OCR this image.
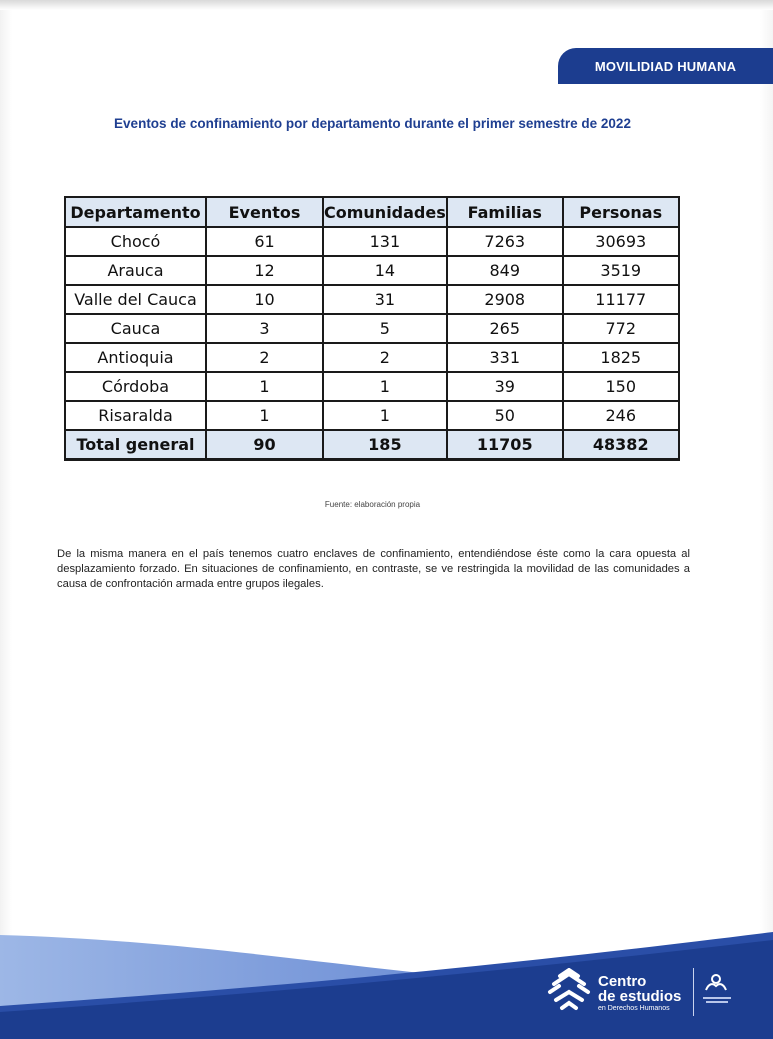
MOVILIDIAD HUMANA
Eventos de confinamiento por departamento durante el primer semestre de 2022
Departamento	Eventos	Comunidades	Familias	Personas
Chocó	61	131	7263	30693
Arauca	12	14	849	3519
Valle del Cauca	10	31	2908	11177
Cauca	3	5	265	772
Antioquia	2	2	331	1825
Córdoba	1	1	39	150
Risaralda	1	1	50	246
Total general	90	185	11705	48382
Fuente: elaboración propia

De la misma manera en el país tenemos cuatro enclaves de confinamiento, entendiéndose éste como la cara opuesta al desplazamiento forzado. En situaciones de confinamiento, en contraste, se ve restringida la movilidad de las comunidades a causa de confrontación armada entre grupos ilegales.

Centro
de estudios
en Derechos Humanos
